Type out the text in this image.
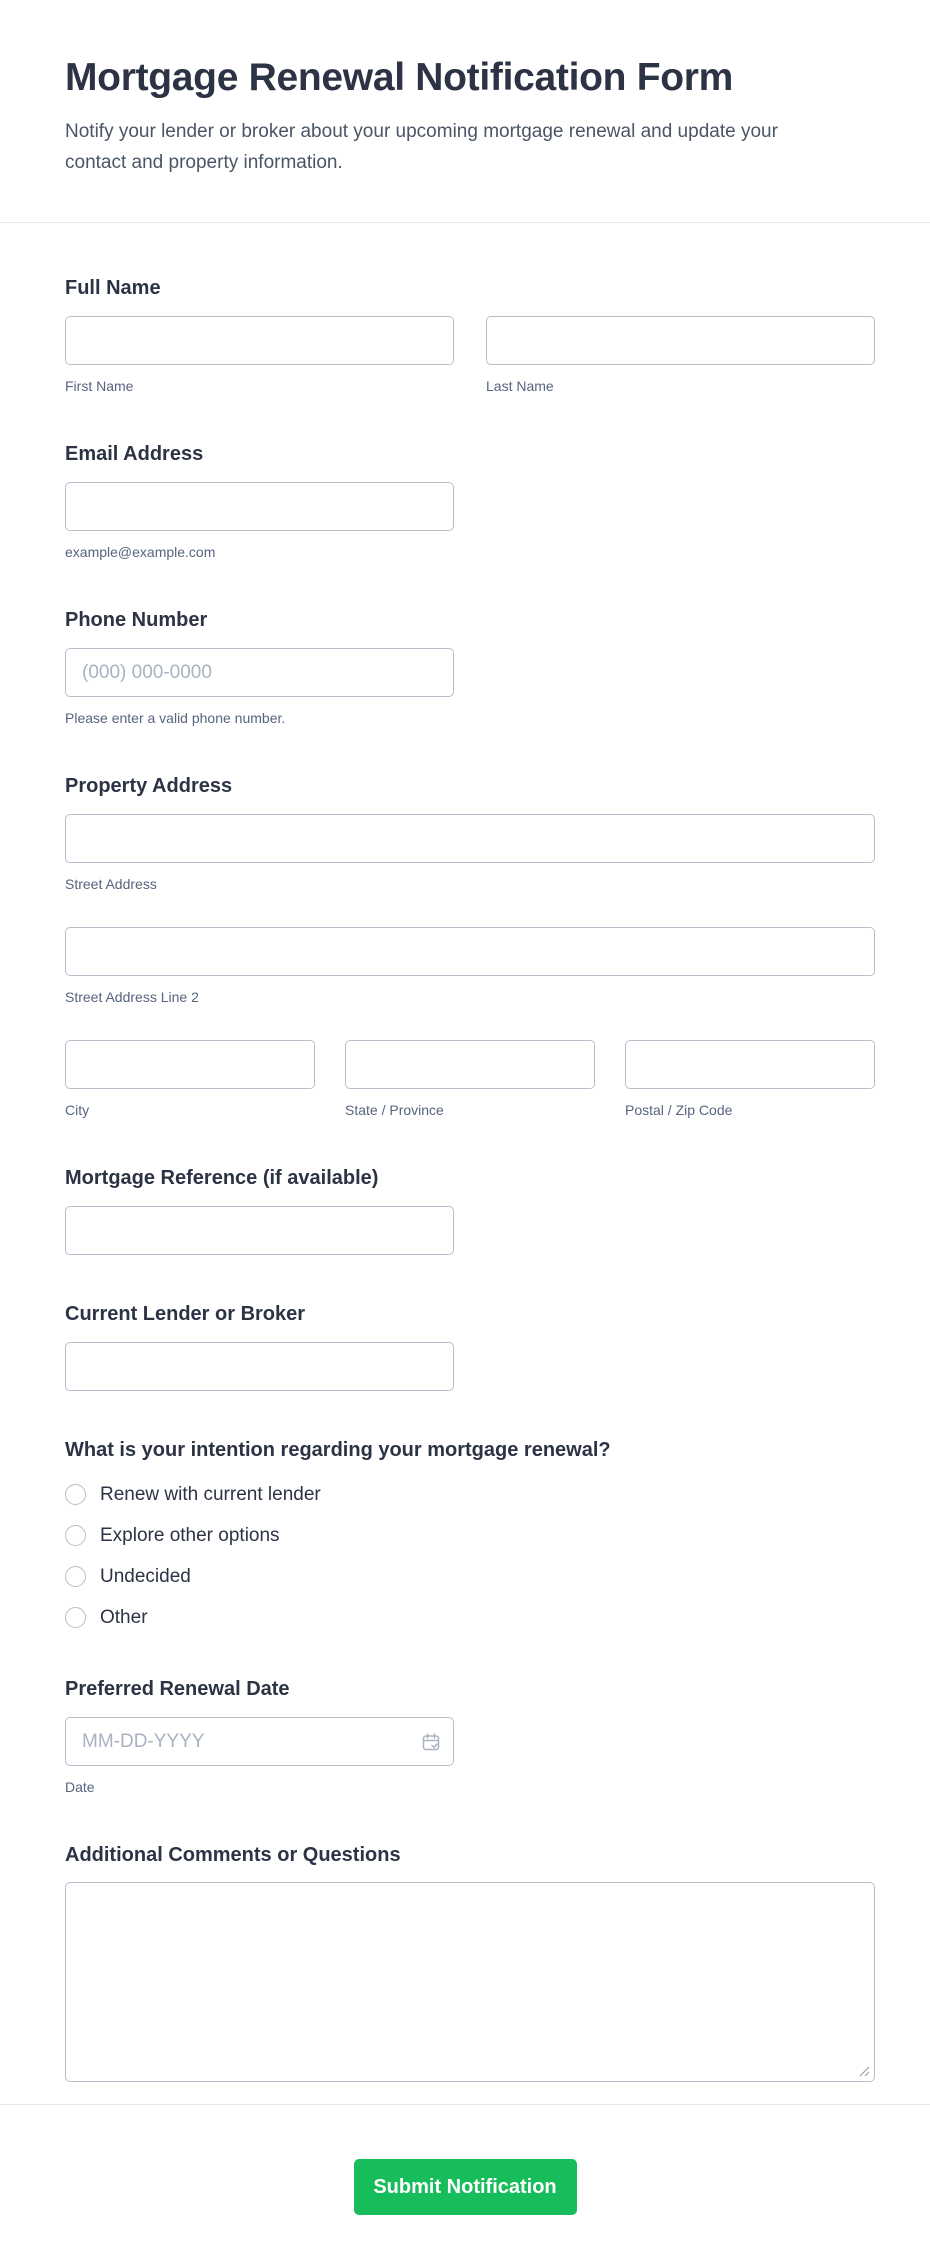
Mortgage Renewal Notification Form
Notify your lender or broker about your upcoming mortgage renewal and update your contact and property information.
Full Name
First Name	Last Name
Email Address
example@example.com
Phone Number
(000) 000-0000
Please enter a valid phone number.
Property Address
Street Address
Street Address Line 2
City	State / Province	Postal / Zip Code
Mortgage Reference (if available)
Current Lender or Broker
What is your intention regarding your mortgage renewal?
Renew with current lender
Explore other options
Undecided
Other
Preferred Renewal Date
MM-DD-YYYY
Date
Additional Comments or Questions
Submit Notification
